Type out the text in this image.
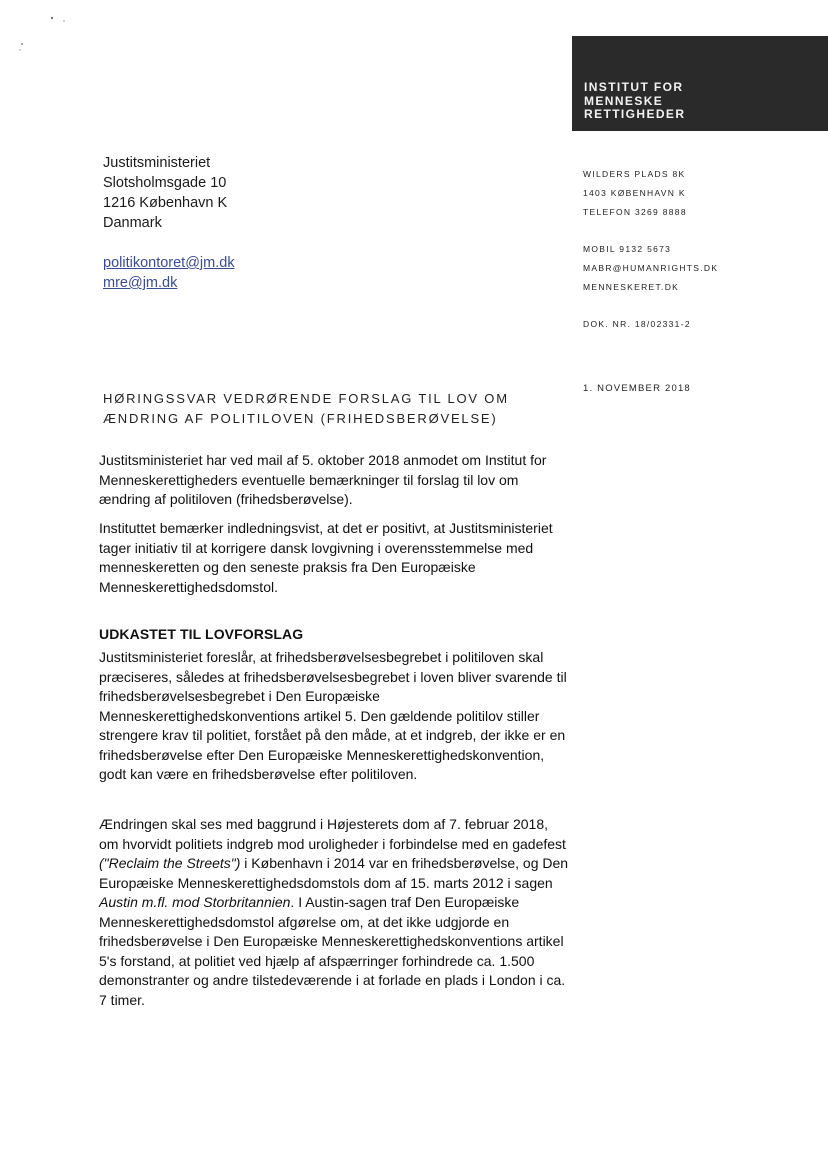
INSTITUT FOR
MENNESKE
RETTIGHEDER
Justitsministeriet
Slotsholmsgade 10
1216 København K
Danmark
politikontoret@jm.dk
mre@jm.dk
WILDERS PLADS 8K
1403 KØBENHAVN K
TELEFON 3269 8888
MOBIL 9132 5673
MABR@HUMANRIGHTS.DK
MENNESKERET.DK
DOK. NR. 18/02331-2
1. NOVEMBER 2018
HØRINGSSVAR VEDRØRENDE FORSLAG TIL LOV OM ÆNDRING AF POLITILOVEN (FRIHEDSBERØVELSE)

Justitsministeriet har ved mail af 5. oktober 2018 anmodet om Institut for Menneskerettigheders eventuelle bemærkninger til forslag til lov om ændring af politiloven (frihedsberøvelse).

Instituttet bemærker indledningsvist, at det er positivt, at Justitsministeriet tager initiativ til at korrigere dansk lovgivning i overensstemmelse med menneskeretten og den seneste praksis fra Den Europæiske Menneskerettighedsdomstol.

UDKASTET TIL LOVFORSLAG

Justitsministeriet foreslår, at frihedsberøvelsesbegrebet i politiloven skal præciseres, således at frihedsberøvelsesbegrebet i loven bliver svarende til frihedsberøvelsesbegrebet i Den Europæiske Menneskerettighedskonventions artikel 5. Den gældende politilov stiller strengere krav til politiet, forstået på den måde, at et indgreb, der ikke er en frihedsberøvelse efter Den Europæiske Menneskerettighedskonvention, godt kan være en frihedsberøvelse efter politiloven.

Ændringen skal ses med baggrund i Højesterets dom af 7. februar 2018, om hvorvidt politiets indgreb mod uroligheder i forbindelse med en gadefest ("Reclaim the Streets") i København i 2014 var en frihedsberøvelse, og Den Europæiske Menneskerettighedsdomstols dom af 15. marts 2012 i sagen Austin m.fl. mod Storbritannien. I Austin-sagen traf Den Europæiske Menneskerettighedsdomstol afgørelse om, at det ikke udgjorde en frihedsberøvelse i Den Europæiske Menneskerettighedskonventions artikel 5's forstand, at politiet ved hjælp af afspærringer forhindrede ca. 1.500 demonstranter og andre tilstedeværende i at forlade en plads i London i ca. 7 timer.
